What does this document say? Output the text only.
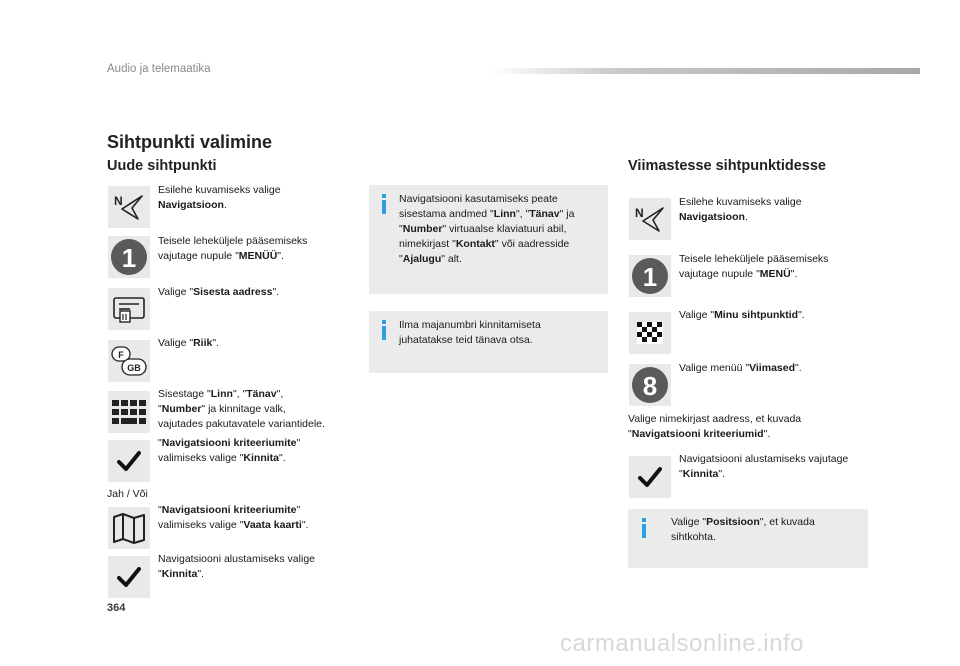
Audio ja telemaatika
Sihtpunkti valimine
Uude sihtpunkti
N
Esilehe kuvamiseks valige Navigatsioon.
1
Teisele leheküljele pääsemiseks vajutage nupule "MENÜÜ".
Valige "Sisesta aadress".
F
GB
Valige "Riik".
Sisestage "Linn", "Tänav",
"Number" ja kinnitage valk,
vajutades pakutavatele variantidele.
"Navigatsiooni kriteeriumite"
valimiseks valige "Kinnita".
Jah / Või
"Navigatsiooni kriteeriumite"
valimiseks valige "Vaata kaarti".
Navigatsiooni alustamiseks valige
"Kinnita".
Navigatsiooni kasutamiseks peate
sisestama andmed "Linn", "Tänav" ja
"Number" virtuaalse klaviatuuri abil,
nimekirjast "Kontakt" või aadresside
"Ajalugu" alt.
Ilma majanumbri kinnitamiseta
juhatatakse teid tänava otsa.
Viimastesse sihtpunktidesse
N
Esilehe kuvamiseks valige
Navigatsioon.
1
Teisele leheküljele pääsemiseks
vajutage nupule "MENÜ".
Valige "Minu sihtpunktid".
8
Valige menüü "Viimased".
Valige nimekirjast aadress, et kuvada
"Navigatsiooni kriteeriumid".
Navigatsiooni alustamiseks vajutage
"Kinnita".
Valige "Positsioon", et kuvada
sihtkohta.
364
carmanualsonline.info
